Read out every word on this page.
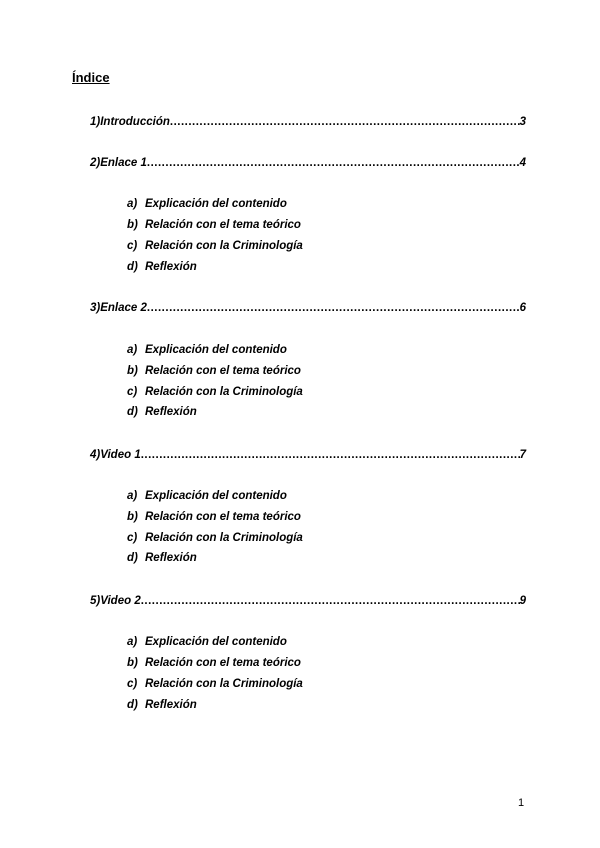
Índice
1) Introducción .....	3
2) Enlace 1 .....	4
a) Explicación del contenido
b) Relación con el tema teórico
c) Relación con la Criminología
d) Reflexión
3) Enlace 2 .....	6
a) Explicación del contenido
b) Relación con el tema teórico
c) Relación con la Criminología
d) Reflexión
4) Video 1 .....	7
a) Explicación del contenido
b) Relación con el tema teórico
c) Relación con la Criminología
d) Reflexión
5) Video 2 .....	9
a) Explicación del contenido
b) Relación con el tema teórico
c) Relación con la Criminología
d) Reflexión
1
